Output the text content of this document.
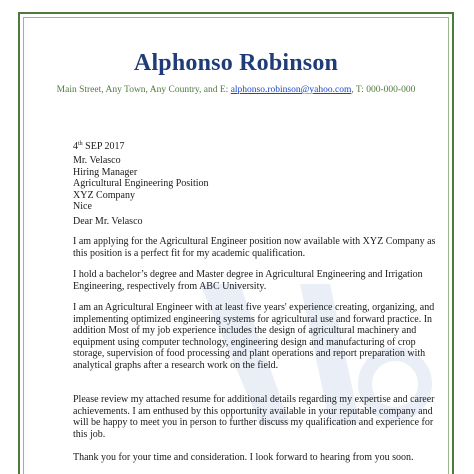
Alphonso Robinson
Main Street, Any Town, Any Country, and E: alphonso.robinson@yahoo.com, T: 000-000-000
4th SEP 2017
Mr. Velasco
Hiring Manager
Agricultural Engineering Position
XYZ Company
Nice
Dear Mr. Velasco
I am applying for the Agricultural Engineer position now available with XYZ Company as this position is a perfect fit for my academic qualification.
I hold a bachelor’s degree and Master degree in Agricultural Engineering and Irrigation Engineering, respectively from ABC University.
I am an Agricultural Engineer with at least five years' experience creating, organizing, and implementing optimized engineering systems for agricultural use and forward practice. In addition Most of my job experience includes the design of agricultural machinery and equipment using computer technology, engineering design and manufacturing of crop storage, supervision of food processing and plant operations and report preparation with analytical graphs after a research work on the field.
Please review my attached resume for additional details regarding my expertise and career achievements. I am enthused by this opportunity available in your reputable company and will be happy to meet you in person to further discuss my qualification and experience for this job.
Thank you for your time and consideration. I look forward to hearing from you soon.
